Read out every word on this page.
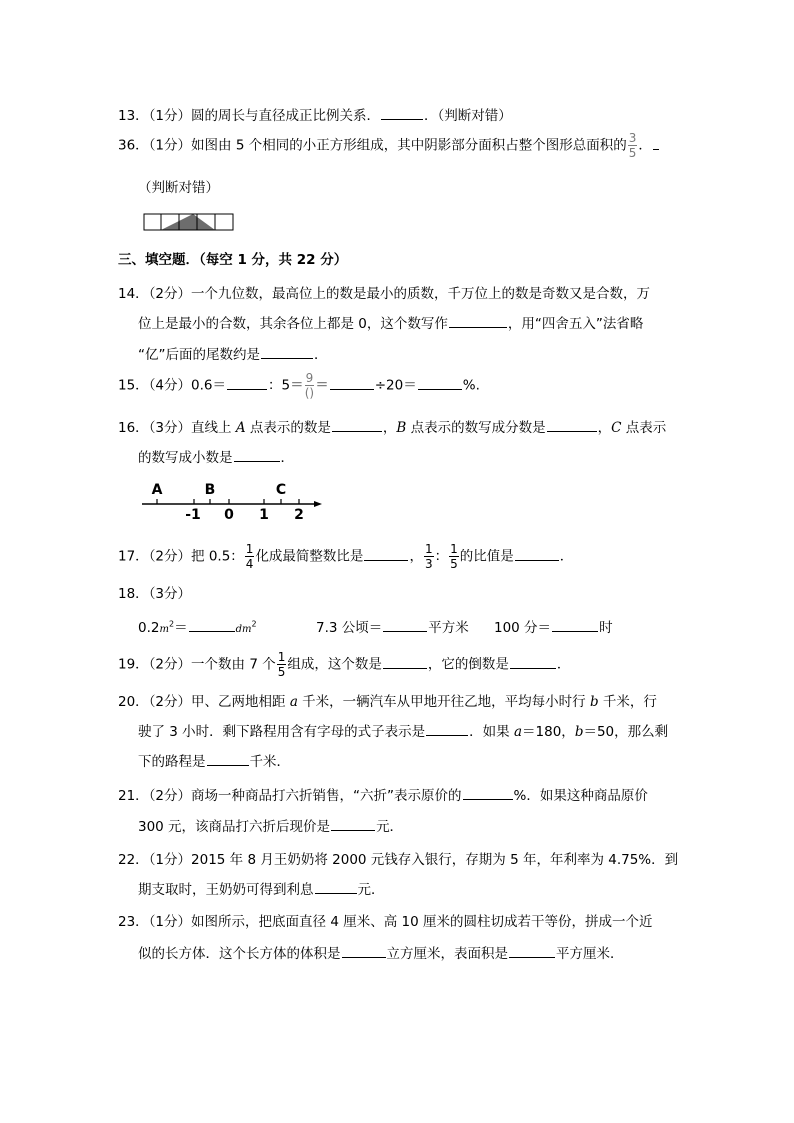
13．（1分）圆的周长与直径成正比例关系．	．（判断对错）
36．（1分）如图由 5 个相同的小正方形组成，其中阴影部分面积占整个图形总面积的 $\frac{3}{5}$ ．
（判断对错）
三、填空题．（每空 1 分，共 22 分）
14．（2分）一个九位数，最高位上的数是最小的质数，千万位上的数是奇数又是合数，万
位上是最小的合数，其余各位上都是 0，这个数写作	，用“四舍五入”法省略
“亿”后面的尾数约是	．
15．（4分）0.6＝	：$5= \frac{9}{()}$ ＝	÷20＝	%.
16．（3分）直线上 A 点表示的数是	，B 点表示的数写成分数是	，C 点表示
的数写成小数是	．
A	B	C
-1 0 1 2
17．（2分）把 0.5： $\frac{1}{4}$ 化成最简整数比是	， $\frac{1}{3}$ ： $\frac{1}{5}$ 的比值是	．
18．（3分）
$0.2m^2=$	$dm^2$	7.3 公顷＝	平方米 100 分＝	时
19．（2分）一个数由 7 个 $\frac{1}{5}$ 组成，这个数是	，它的倒数是	．
20．（2分）甲、乙两地相距 a 千米，一辆汽车从甲地开往乙地，平均每小时行 b 千米，行
驶了 3 小时．剩下路程用含有字母的式子表示是	．如果 a＝180，b＝50，那么剩
下的路程是	千米．
21．（2分）商场一种商品打六折销售，“六折”表示原价的	%．如果这种商品原价
300 元，该商品打六折后现价是	元．
22．（1分）2015 年 8 月王奶奶将 2000 元钱存入银行，存期为 5 年，年利率为 4.75%．到
期支取时，王奶奶可得到利息	元．
23．（1分）如图所示，把底面直径 4 厘米、高 10 厘米的圆柱切成若干等份，拼成一个近
似的长方体．这个长方体的体积是	立方厘米，表面积是	平方厘米．
